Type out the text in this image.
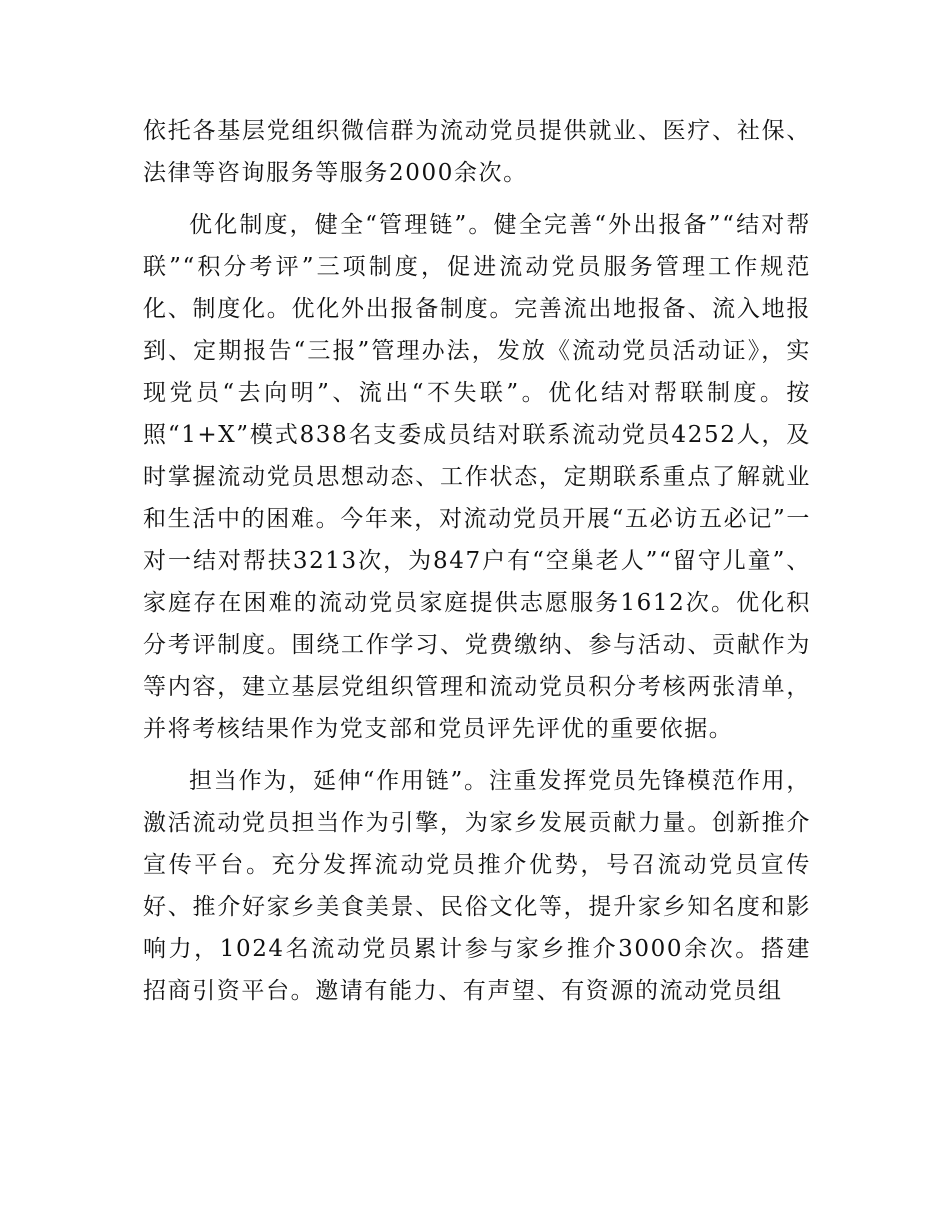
依托各基层党组织微信群为流动党员提供就业、医疗、社保、法律等咨询服务等服务2000余次。

优化制度，健全“管理链”。健全完善“外出报备”“结对帮联”“积分考评”三项制度，促进流动党员服务管理工作规范化、制度化。优化外出报备制度。完善流出地报备、流入地报到、定期报告“三报”管理办法，发放《流动党员活动证》，实现党员“去向明”、流出“不失联”。优化结对帮联制度。按照“1+X”模式838名支委成员结对联系流动党员4252人，及时掌握流动党员思想动态、工作状态，定期联系重点了解就业和生活中的困难。今年来，对流动党员开展“五必访五必记”一对一结对帮扶3213次，为847户有“空巢老人”“留守儿童”、家庭存在困难的流动党员家庭提供志愿服务1612次。优化积分考评制度。围绕工作学习、党费缴纳、参与活动、贡献作为等内容，建立基层党组织管理和流动党员积分考核两张清单，并将考核结果作为党支部和党员评先评优的重要依据。

担当作为，延伸“作用链”。注重发挥党员先锋模范作用，激活流动党员担当作为引擎，为家乡发展贡献力量。创新推介宣传平台。充分发挥流动党员推介优势，号召流动党员宣传好、推介好家乡美食美景、民俗文化等，提升家乡知名度和影响力，1024名流动党员累计参与家乡推介3000余次。搭建招商引资平台。邀请有能力、有声望、有资源的流动党员组
